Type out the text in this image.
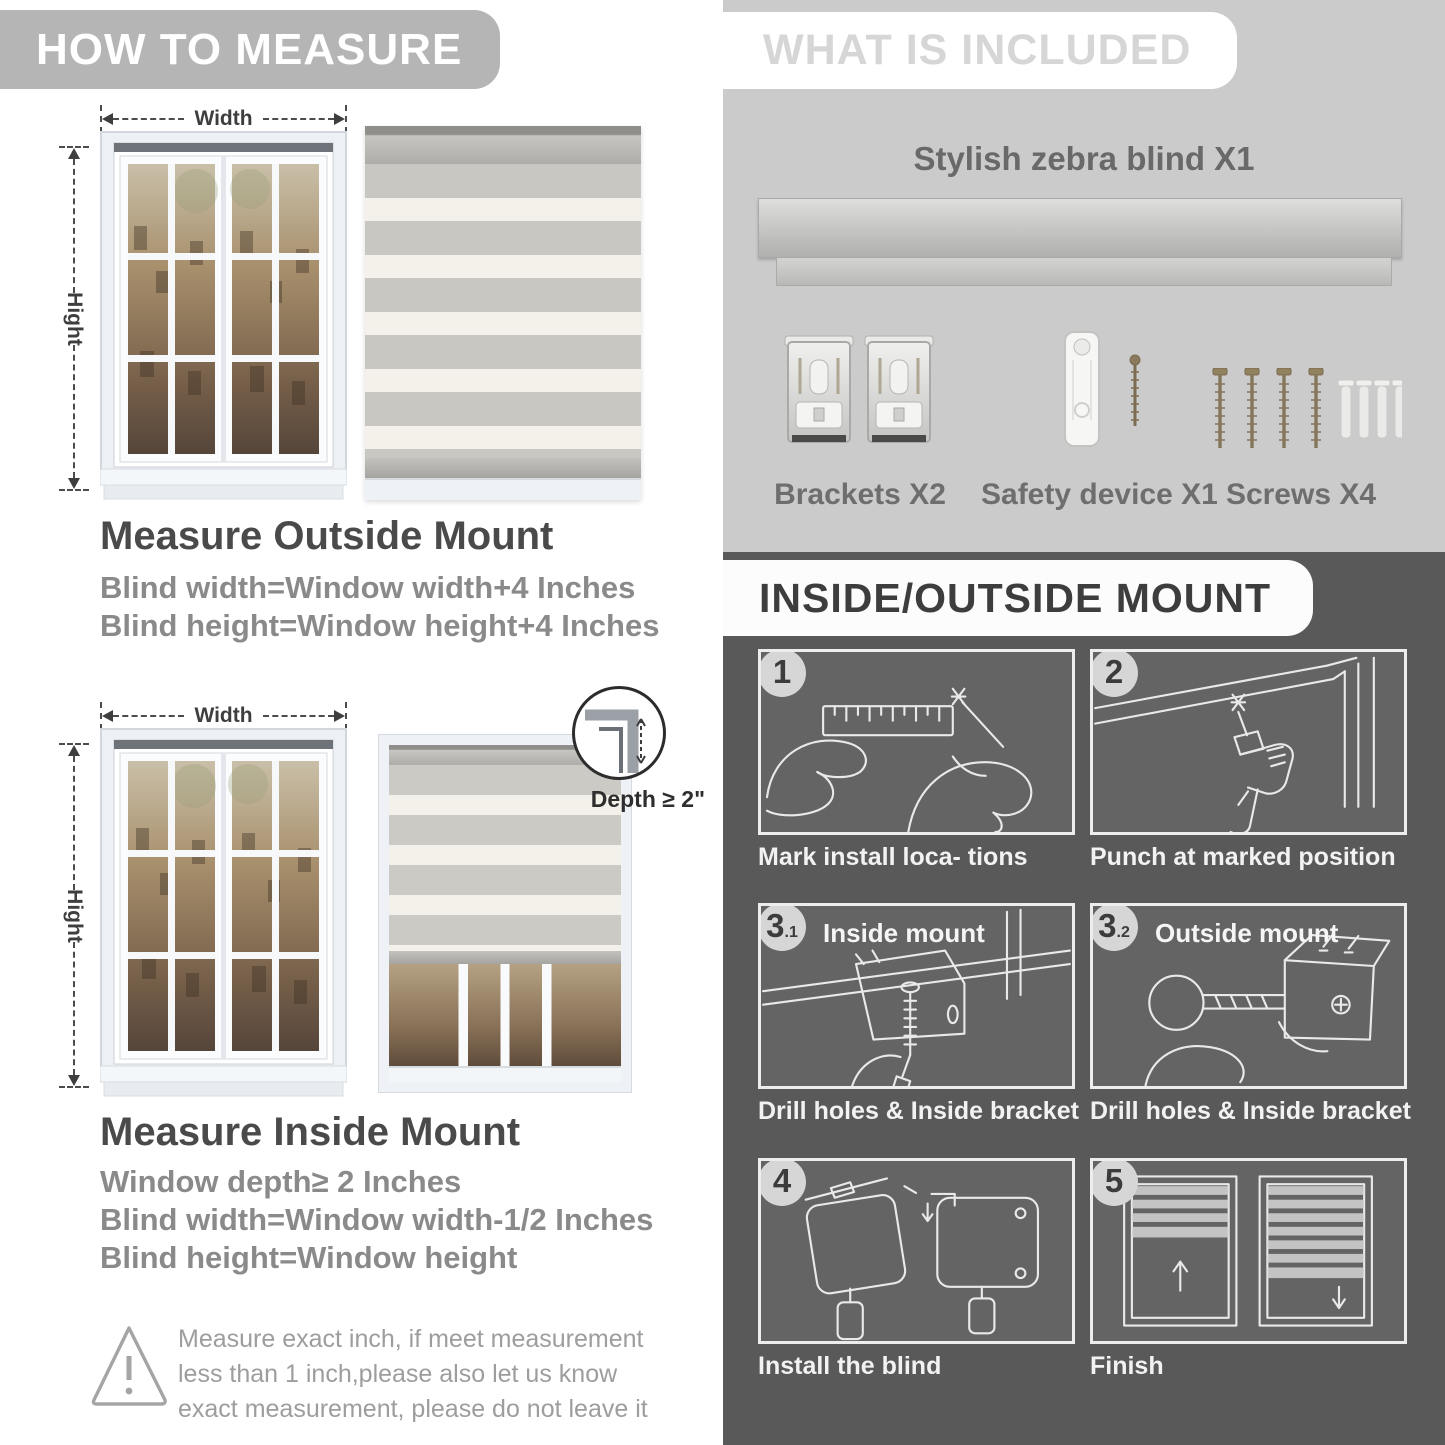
HOW TO MEASURE
Width
Hight
Measure Outside Mount
Blind width=Window width+4 Inches
Blind height=Window height+4 Inches
Width
Hight
Depth ≥ 2"
Measure Inside Mount
Window depth≥ 2 Inches
Blind width=Window width-1/2 Inches
Blind height=Window height
Measure exact inch, if meet measurement less than 1 inch,please also let us know exact measurement, please do not leave it
WHAT IS INCLUDED
Stylish zebra blind X1
Brackets X2	Safety device X1 Screws X4
INSIDE/OUTSIDE MOUNT
1
Mark install loca- tions
2
Punch at marked position
3 .1 Inside mount
Drill holes & Inside bracket
3 .2 Outside mount
Drill holes & Inside bracket
4
Install the blind
5
Finish
